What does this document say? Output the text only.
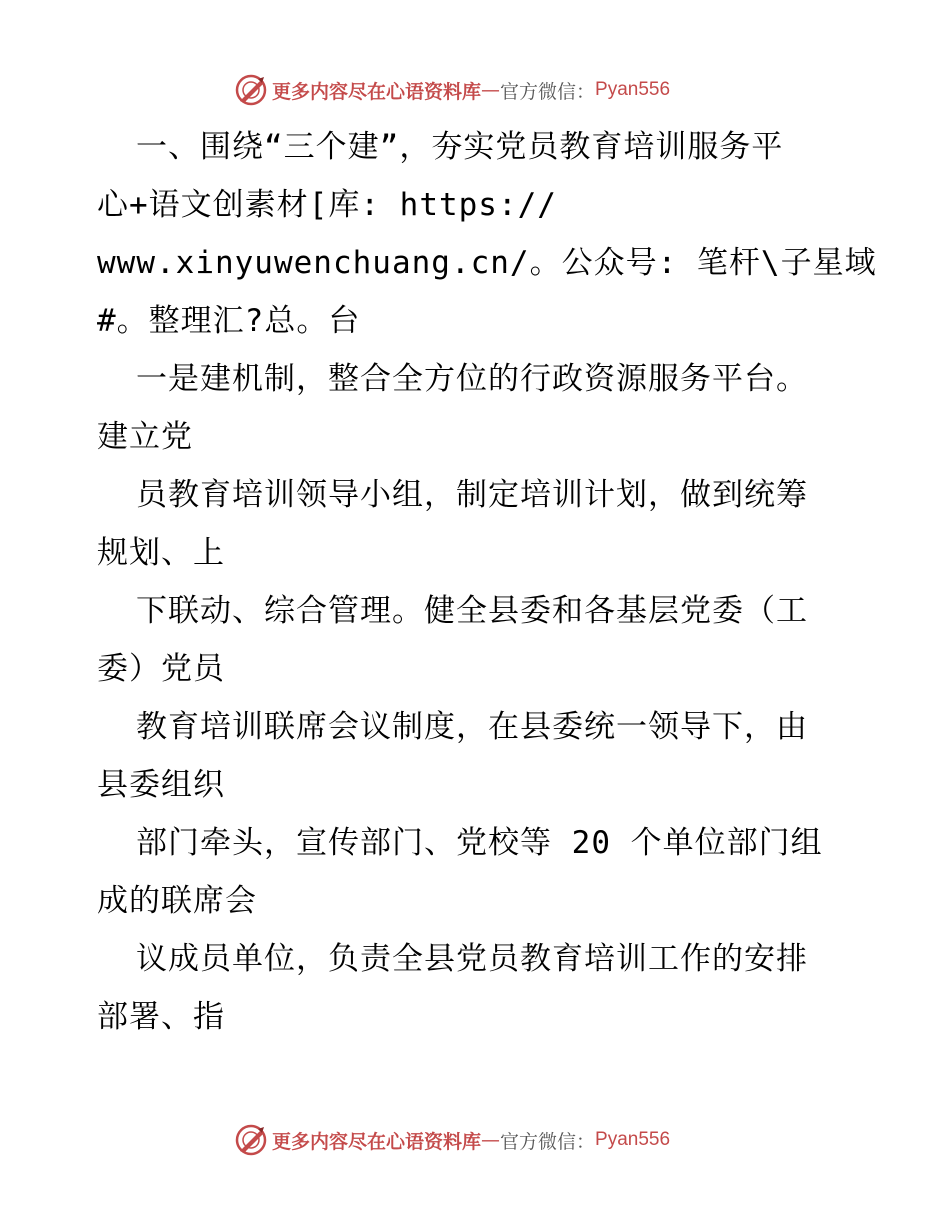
更多内容尽在心语资料库 — 官方微信： Pyan556
一、围绕“三个建”，夯实党员教育培训服务平
心+语文创素材[库: https://
www.xinyuwenchuang.cn/。公众号: 笔杆\子星域
#。整理汇?总。台
一是建机制，整合全方位的行政资源服务平台。
建立党
员教育培训领导小组，制定培训计划，做到统筹
规划、上
下联动、综合管理。健全县委和各基层党委（工
委）党员
教育培训联席会议制度，在县委统一领导下，由
县委组织
部门牵头，宣传部门、党校等 20 个单位部门组
成的联席会
议成员单位，负责全县党员教育培训工作的安排
部署、指
更多内容尽在心语资料库 — 官方微信： Pyan556
